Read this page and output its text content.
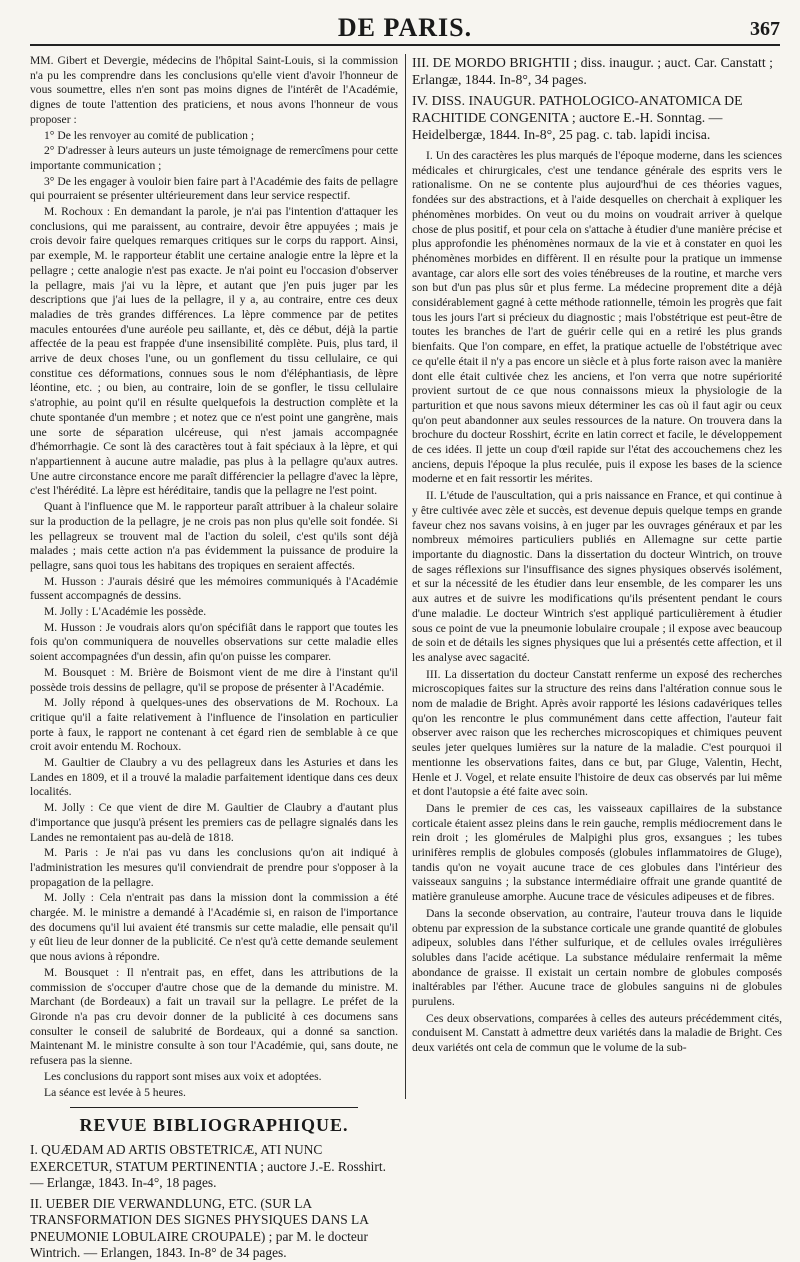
DE PARIS.	367

MM. Gibert et Devergie, médecins de l'hôpital Saint-Louis, si la commission n'a pu les comprendre dans les conclusions qu'elle vient d'avoir l'honneur de vous soumettre, elles n'en sont pas moins dignes de l'intérêt de l'Académie, dignes de toute l'attention des praticiens, et nous avons l'honneur de vous proposer :

1° De les renvoyer au comité de publication ;

2° D'adresser à leurs auteurs un juste témoignage de remercîmens pour cette importante communication ;

3° De les engager à vouloir bien faire part à l'Académie des faits de pellagre qui pourraient se présenter ultérieurement dans leur service respectif.

M. Rochoux : En demandant la parole, je n'ai pas l'intention d'attaquer les conclusions, qui me paraissent, au contraire, devoir être appuyées ; mais je crois devoir faire quelques remarques critiques sur le corps du rapport. Ainsi, par exemple, M. le rapporteur établit une certaine analogie entre la lèpre et la pellagre ; cette analogie n'est pas exacte. Je n'ai point eu l'occasion d'observer la pellagre, mais j'ai vu la lèpre, et autant que j'en puis juger par les descriptions que j'ai lues de la pellagre, il y a, au contraire, entre ces deux maladies de très grandes différences. La lèpre commence par de petites macules entourées d'une auréole peu saillante, et, dès ce début, déjà la partie affectée de la peau est frappée d'une insensibilité complète. Puis, plus tard, il arrive de deux choses l'une, ou un gonflement du tissu cellulaire, ce qui constitue ces déformations, connues sous le nom d'éléphantiasis, de lèpre léontine, etc. ; ou bien, au contraire, loin de se gonfler, le tissu cellulaire s'atrophie, au point qu'il en résulte quelquefois la destruction complète et la chute spontanée d'un membre ; et notez que ce n'est point une gangrène, mais une sorte de séparation ulcéreuse, qui n'est jamais accompagnée d'hémorrhagie. Ce sont là des caractères tout à fait spéciaux à la lèpre, et qui n'appartiennent à aucune autre maladie, pas plus à la pellagre qu'aux autres. Une autre circonstance encore me paraît différencier la pellagre d'avec la lèpre, c'est l'hérédité. La lèpre est héréditaire, tandis que la pellagre ne l'est point.

Quant à l'influence que M. le rapporteur paraît attribuer à la chaleur solaire sur la production de la pellagre, je ne crois pas non plus qu'elle soit fondée. Si les pellagreux se trouvent mal de l'action du soleil, c'est qu'ils sont déjà malades ; mais cette action n'a pas évidemment la puissance de produire la pellagre, sans quoi tous les habitans des tropiques en seraient affectés.

M. Husson : J'aurais désiré que les mémoires communiqués à l'Académie fussent accompagnés de dessins.

M. Jolly : L'Académie les possède.

M. Husson : Je voudrais alors qu'on spécifiât dans le rapport que toutes les fois qu'on communiquera de nouvelles observations sur cette maladie elles soient accompagnées d'un dessin, afin qu'on puisse les comparer.

M. Bousquet : M. Brière de Boismont vient de me dire à l'instant qu'il possède trois dessins de pellagre, qu'il se propose de présenter à l'Académie.

M. Jolly répond à quelques-unes des observations de M. Rochoux. La critique qu'il a faite relativement à l'influence de l'insolation en particulier porte à faux, le rapport ne contenant à cet égard rien de semblable à ce que croit avoir entendu M. Rochoux.

M. Gaultier de Claubry a vu des pellagreux dans les Asturies et dans les Landes en 1809, et il a trouvé la maladie parfaitement identique dans ces deux localités.

M. Jolly : Ce que vient de dire M. Gaultier de Claubry a d'autant plus d'importance que jusqu'à présent les premiers cas de pellagre signalés dans les Landes ne remontaient pas au-delà de 1818.

M. Paris : Je n'ai pas vu dans les conclusions qu'on ait indiqué à l'administration les mesures qu'il conviendrait de prendre pour s'opposer à la propagation de la pellagre.

M. Jolly : Cela n'entrait pas dans la mission dont la commission a été chargée. M. le ministre a demandé à l'Académie si, en raison de l'importance des documens qu'il lui avaient été transmis sur cette maladie, elle pensait qu'il y eût lieu de leur donner de la publicité. Ce n'est qu'à cette demande seulement que nous avions à répondre.

M. Bousquet : Il n'entrait pas, en effet, dans les attributions de la commission de s'occuper d'autre chose que de la demande du ministre. M. Marchant (de Bordeaux) a fait un travail sur la pellagre. Le préfet de la Gironde n'a pas cru devoir donner de la publicité à ces documens sans consulter le conseil de salubrité de Bordeaux, qui a donné sa sanction. Maintenant M. le ministre consulte à son tour l'Académie, qui, sans doute, ne refusera pas la sienne.

Les conclusions du rapport sont mises aux voix et adoptées.

La séance est levée à 5 heures.

REVUE BIBLIOGRAPHIQUE.

I. QUÆDAM AD ARTIS OBSTETRICÆ, ATI NUNC EXERCETUR, STATUM PERTINENTIA ; auctore J.-E. Rosshirt. — Erlangæ, 1843. In-4°, 18 pages.

II. UEBER DIE VERWANDLUNG, ETC. (SUR LA TRANSFORMATION DES SIGNES PHYSIQUES DANS LA PNEUMONIE LOBULAIRE CROUPALE) ; par M. le docteur Wintrich. — Erlangen, 1843. In-8° de 34 pages.

III. DE MORDO BRIGHTII ; diss. inaugur. ; auct. Car. Canstatt ; Erlangæ, 1844. In-8°, 34 pages.

IV. DISS. INAUGUR. PATHOLOGICO-ANATOMICA DE RACHITIDE CONGENITA ; auctore E.-H. Sonntag. — Heidelbergæ, 1844. In-8°, 25 pag. c. tab. lapidi incisa.

I. Un des caractères les plus marqués de l'époque moderne, dans les sciences médicales et chirurgicales, c'est une tendance générale des esprits vers le rationalisme. On ne se contente plus aujourd'hui de ces théories vagues, fondées sur des abstractions, et à l'aide desquelles on cherchait à expliquer les phénomènes morbides. On veut ou du moins on voudrait arriver à quelque chose de plus positif, et pour cela on s'attache à étudier d'une manière précise et plus approfondie les phénomènes normaux de la vie et à constater en quoi les phénomènes morbides en diffèrent. Il en résulte pour la pratique un immense avantage, car alors elle sort des voies ténébreuses de la routine, et marche vers son but d'un pas plus sûr et plus ferme. La médecine proprement dite a déjà considérablement gagné à cette méthode rationnelle, témoin les progrès que fait tous les jours l'art si précieux du diagnostic ; mais l'obstétrique est peut-être de toutes les branches de l'art de guérir celle qui en a retiré les plus grands bienfaits. Que l'on compare, en effet, la pratique actuelle de l'obstétrique avec ce qu'elle était il n'y a pas encore un siècle et à plus forte raison avec la manière dont elle était cultivée chez les anciens, et l'on verra que notre supériorité provient surtout de ce que nous connaissons mieux la physiologie de la parturition et que nous savons mieux déterminer les cas où il faut agir ou ceux qu'on peut abandonner aux seules ressources de la nature. On trouvera dans la brochure du docteur Rosshirt, écrite en latin correct et facile, le développement de ces idées. Il jette un coup d'œil rapide sur l'état des accouchemens chez les anciens, depuis l'époque la plus reculée, puis il expose les bases de la science moderne et en fait ressortir les mérites.

II. L'étude de l'auscultation, qui a pris naissance en France, et qui continue à y être cultivée avec zèle et succès, est devenue depuis quelque temps en grande faveur chez nos savans voisins, à en juger par les ouvrages généraux et par les nombreux mémoires particuliers publiés en Allemagne sur cette partie importante du diagnostic. Dans la dissertation du docteur Wintrich, on trouve de sages réflexions sur l'insuffisance des signes physiques observés isolément, et sur la nécessité de les étudier dans leur ensemble, de les comparer les uns aux autres et de suivre les modifications qu'ils présentent pendant le cours d'une maladie. Le docteur Wintrich s'est appliqué particulièrement à étudier sous ce point de vue la pneumonie lobulaire croupale ; il expose avec beaucoup de soin et de détails les signes physiques que lui a présentés cette affection, et il les analyse avec sagacité.

III. La dissertation du docteur Canstatt renferme un exposé des recherches microscopiques faites sur la structure des reins dans l'altération connue sous le nom de maladie de Bright. Après avoir rapporté les lésions cadavériques telles qu'on les rencontre le plus communément dans cette affection, l'auteur fait observer avec raison que les recherches microscopiques et chimiques peuvent seules jeter quelques lumières sur la nature de la maladie. C'est pourquoi il mentionne les observations faites, dans ce but, par Gluge, Valentin, Hecht, Henle et J. Vogel, et relate ensuite l'histoire de deux cas observés par lui même et dont l'autopsie a été faite avec soin.

Dans le premier de ces cas, les vaisseaux capillaires de la substance corticale étaient assez pleins dans le rein gauche, remplis médiocrement dans le rein droit ; les glomérules de Malpighi plus gros, exsangues ; les tubes urinifères remplis de globules composés (globules inflammatoires de Gluge), tandis qu'on ne voyait aucune trace de ces globules dans l'intérieur des vaisseaux sanguins ; la substance intermédiaire offrait une grande quantité de matière granuleuse amorphe. Aucune trace de vésicules adipeuses et de fibres.

Dans la seconde observation, au contraire, l'auteur trouva dans le liquide obtenu par expression de la substance corticale une grande quantité de globules adipeux, solubles dans l'éther sulfurique, et de cellules ovales irrégulières solubles dans l'acide acétique. La substance médulaire renfermait la même abondance de graisse. Il existait un certain nombre de globules composés inaltérables par l'éther. Aucune trace de globules sanguins ni de globules purulens.

Ces deux observations, comparées à celles des auteurs précédemment cités, conduisent M. Canstatt à admettre deux variétés dans la maladie de Bright. Ces deux variétés ont cela de commun que le volume de la sub-
